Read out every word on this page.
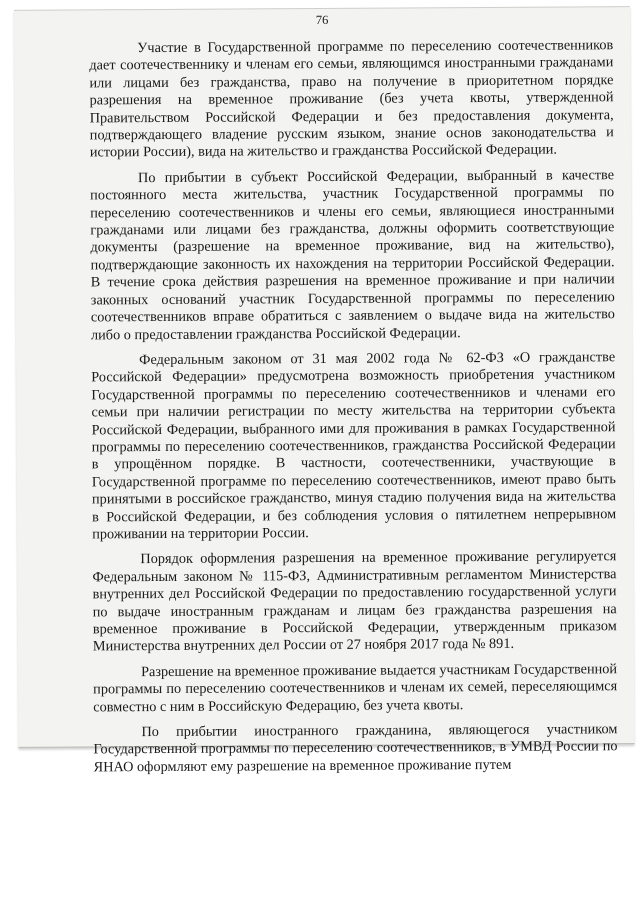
76

Участие в Государственной программе по переселению соотечественников дает соотечественнику и членам его семьи, являющимся иностранными гражданами или лицами без гражданства, право на получение в приоритетном порядке разрешения на временное проживание (без учета квоты, утвержденной Правительством Российской Федерации и без предоставления документа, подтверждающего владение русским языком, знание основ законодательства и истории России), вида на жительство и гражданства Российской Федерации.

По прибытии в субъект Российской Федерации, выбранный в качестве постоянного места жительства, участник Государственной программы по переселению соотечественников и члены его семьи, являющиеся иностранными гражданами или лицами без гражданства, должны оформить соответствующие документы (разрешение на временное проживание, вид на жительство), подтверждающие законность их нахождения на территории Российской Федерации. В течение срока действия разрешения на временное проживание и при наличии законных оснований участник Государственной программы по переселению соотечественников вправе обратиться с заявлением о выдаче вида на жительство либо о предоставлении гражданства Российской Федерации.

Федеральным законом от 31 мая 2002 года № 62-ФЗ «О гражданстве Российской Федерации» предусмотрена возможность приобретения участником Государственной программы по переселению соотечественников и членами его семьи при наличии регистрации по месту жительства на территории субъекта Российской Федерации, выбранного ими для проживания в рамках Государственной программы по переселению соотечественников, гражданства Российской Федерации в упрощённом порядке. В частности, соотечественники, участвующие в Государственной программе по переселению соотечественников, имеют право быть принятыми в российское гражданство, минуя стадию получения вида на жительства в Российской Федерации, и без соблюдения условия о пятилетнем непрерывном проживании на территории России.

Порядок оформления разрешения на временное проживание регулируется Федеральным законом № 115-ФЗ, Административным регламентом Министерства внутренних дел Российской Федерации по предоставлению государственной услуги по выдаче иностранным гражданам и лицам без гражданства разрешения на временное проживание в Российской Федерации, утвержденным приказом Министерства внутренних дел России от 27 ноября 2017 года № 891.

Разрешение на временное проживание выдается участникам Государственной программы по переселению соотечественников и членам их семей, переселяющимся совместно с ним в Российскую Федерацию, без учета квоты.

По прибытии иностранного гражданина, являющегося участником Государственной программы по переселению соотечественников, в УМВД России по ЯНАО оформляют ему разрешение на временное проживание путем
